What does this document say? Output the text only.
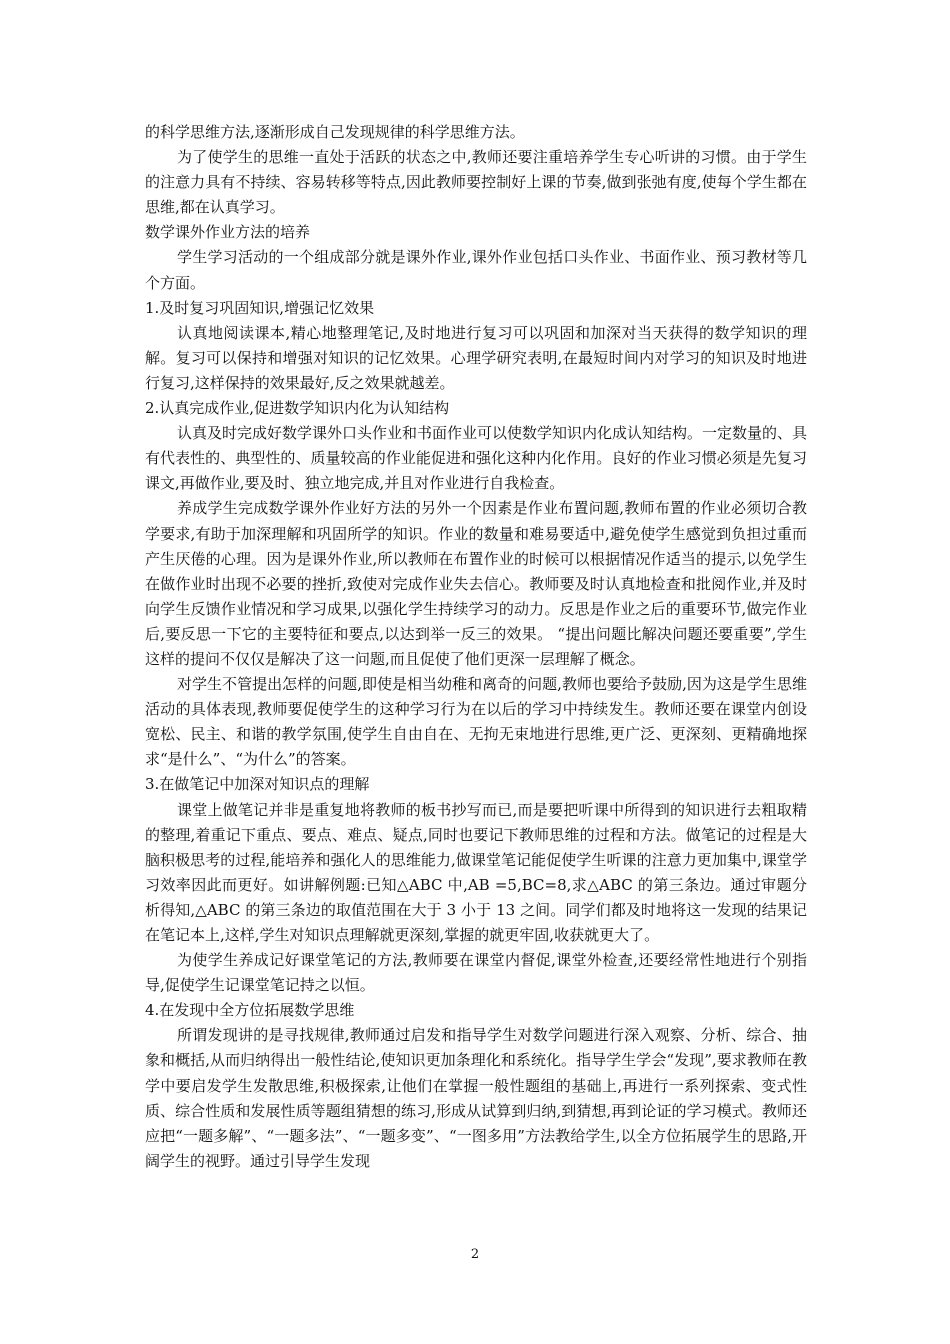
的科学思维方法,逐渐形成自己发现规律的科学思维方法。

为了使学生的思维一直处于活跃的状态之中,教师还要注重培养学生专心听讲的习惯。由于学生的注意力具有不持续、容易转移等特点,因此教师要控制好上课的节奏,做到张弛有度,使每个学生都在思维,都在认真学习。

数学课外作业方法的培养

学生学习活动的一个组成部分就是课外作业,课外作业包括口头作业、书面作业、预习教材等几个方面。

1.及时复习巩固知识,增强记忆效果

认真地阅读课本,精心地整理笔记,及时地进行复习可以巩固和加深对当天获得的数学知识的理解。复习可以保持和增强对知识的记忆效果。心理学研究表明,在最短时间内对学习的知识及时地进行复习,这样保持的效果最好,反之效果就越差。

2.认真完成作业,促进数学知识内化为认知结构

认真及时完成好数学课外口头作业和书面作业可以使数学知识内化成认知结构。一定数量的、具有代表性的、典型性的、质量较高的作业能促进和强化这种内化作用。良好的作业习惯必须是先复习课文,再做作业,要及时、独立地完成,并且对作业进行自我检查。

养成学生完成数学课外作业好方法的另外一个因素是作业布置问题,教师布置的作业必须切合教学要求,有助于加深理解和巩固所学的知识。作业的数量和难易要适中,避免使学生感觉到负担过重而产生厌倦的心理。因为是课外作业,所以教师在布置作业的时候可以根据情况作适当的提示,以免学生在做作业时出现不必要的挫折,致使对完成作业失去信心。教师要及时认真地检查和批阅作业,并及时向学生反馈作业情况和学习成果,以强化学生持续学习的动力。反思是作业之后的重要环节,做完作业后,要反思一下它的主要特征和要点,以达到举一反三的效果。 “提出问题比解决问题还要重要”,学生这样的提问不仅仅是解决了这一问题,而且促使了他们更深一层理解了概念。

对学生不管提出怎样的问题,即使是相当幼稚和离奇的问题,教师也要给予鼓励,因为这是学生思维活动的具体表现,教师要促使学生的这种学习行为在以后的学习中持续发生。教师还要在课堂内创设宽松、民主、和谐的教学氛围,使学生自由自在、无拘无束地进行思维,更广泛、更深刻、更精确地探求“是什么”、“为什么”的答案。

3.在做笔记中加深对知识点的理解

课堂上做笔记并非是重复地将教师的板书抄写而已,而是要把听课中所得到的知识进行去粗取精的整理,着重记下重点、要点、难点、疑点,同时也要记下教师思维的过程和方法。做笔记的过程是大脑积极思考的过程,能培养和强化人的思维能力,做课堂笔记能促使学生听课的注意力更加集中,课堂学习效率因此而更好。如讲解例题:已知△ABC 中,AB =5,BC=8,求△ABC 的第三条边。通过审题分析得知,△ABC 的第三条边的取值范围在大于 3 小于 13 之间。同学们都及时地将这一发现的结果记在笔记本上,这样,学生对知识点理解就更深刻,掌握的就更牢固,收获就更大了。

为使学生养成记好课堂笔记的方法,教师要在课堂内督促,课堂外检查,还要经常性地进行个别指导,促使学生记课堂笔记持之以恒。

4.在发现中全方位拓展数学思维

所谓发现讲的是寻找规律,教师通过启发和指导学生对数学问题进行深入观察、分析、综合、抽象和概括,从而归纳得出一般性结论,使知识更加条理化和系统化。指导学生学会“发现”,要求教师在教学中要启发学生发散思维,积极探索,让他们在掌握一般性题组的基础上,再进行一系列探索、变式性质、综合性质和发展性质等题组猜想的练习,形成从试算到归纳,到猜想,再到论证的学习模式。教师还应把“一题多解”、“一题多法”、“一题多变”、“一图多用”方法教给学生,以全方位拓展学生的思路,开阔学生的视野。通过引导学生发现

2
